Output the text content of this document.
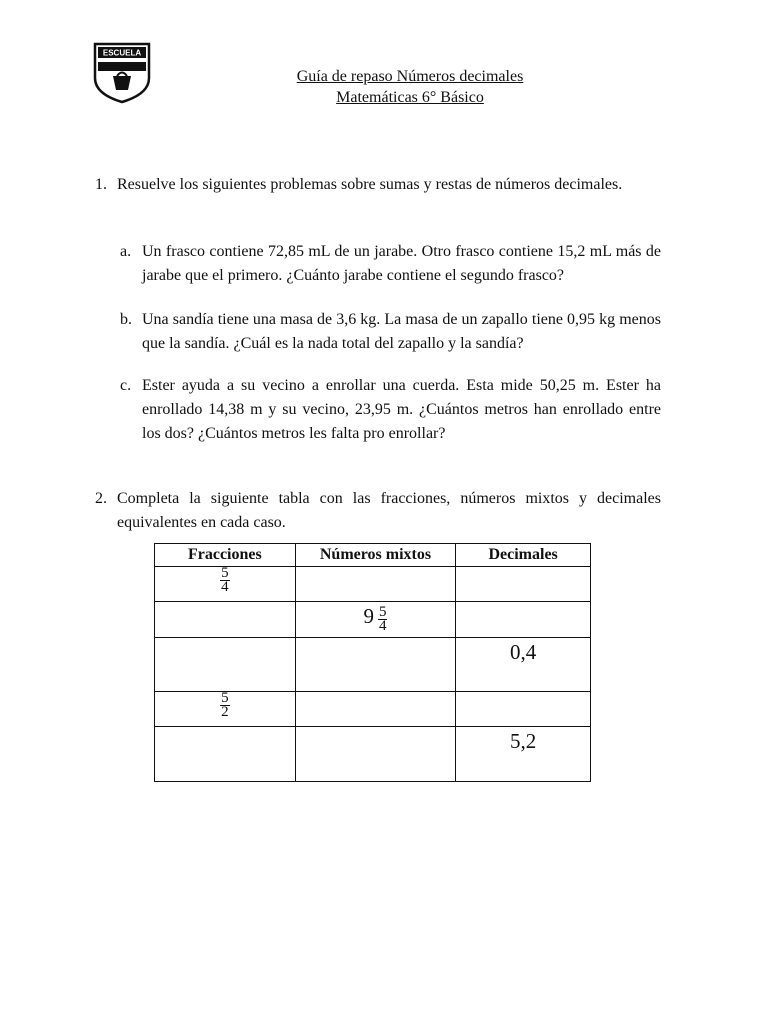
ESCUELA
Guía de repaso Números decimales
Matemáticas 6° Básico
1. Resuelve los siguientes problemas sobre sumas y restas de números decimales.
a. Un frasco contiene 72,85 mL de un jarabe. Otro frasco contiene 15,2 mL más de jarabe que el primero. ¿Cuánto jarabe contiene el segundo frasco?
b. Una sandía tiene una masa de 3,6 kg. La masa de un zapallo tiene 0,95 kg menos que la sandía. ¿Cuál es la nada total del zapallo y la sandía?
c. Ester ayuda a su vecino a enrollar una cuerda. Esta mide 50,25 m. Ester ha enrollado 14,38 m y su vecino, 23,95 m. ¿Cuántos metros han enrollado entre los dos? ¿Cuántos metros les falta pro enrollar?
2. Completa la siguiente tabla con las fracciones, números mixtos y decimales equivalentes en cada caso.
Fracciones	Números mixtos	Decimales

$\frac{5}{4}$

	$9 \frac{5}{4}$

		0,4

$\frac{5}{2}$

		5,2
